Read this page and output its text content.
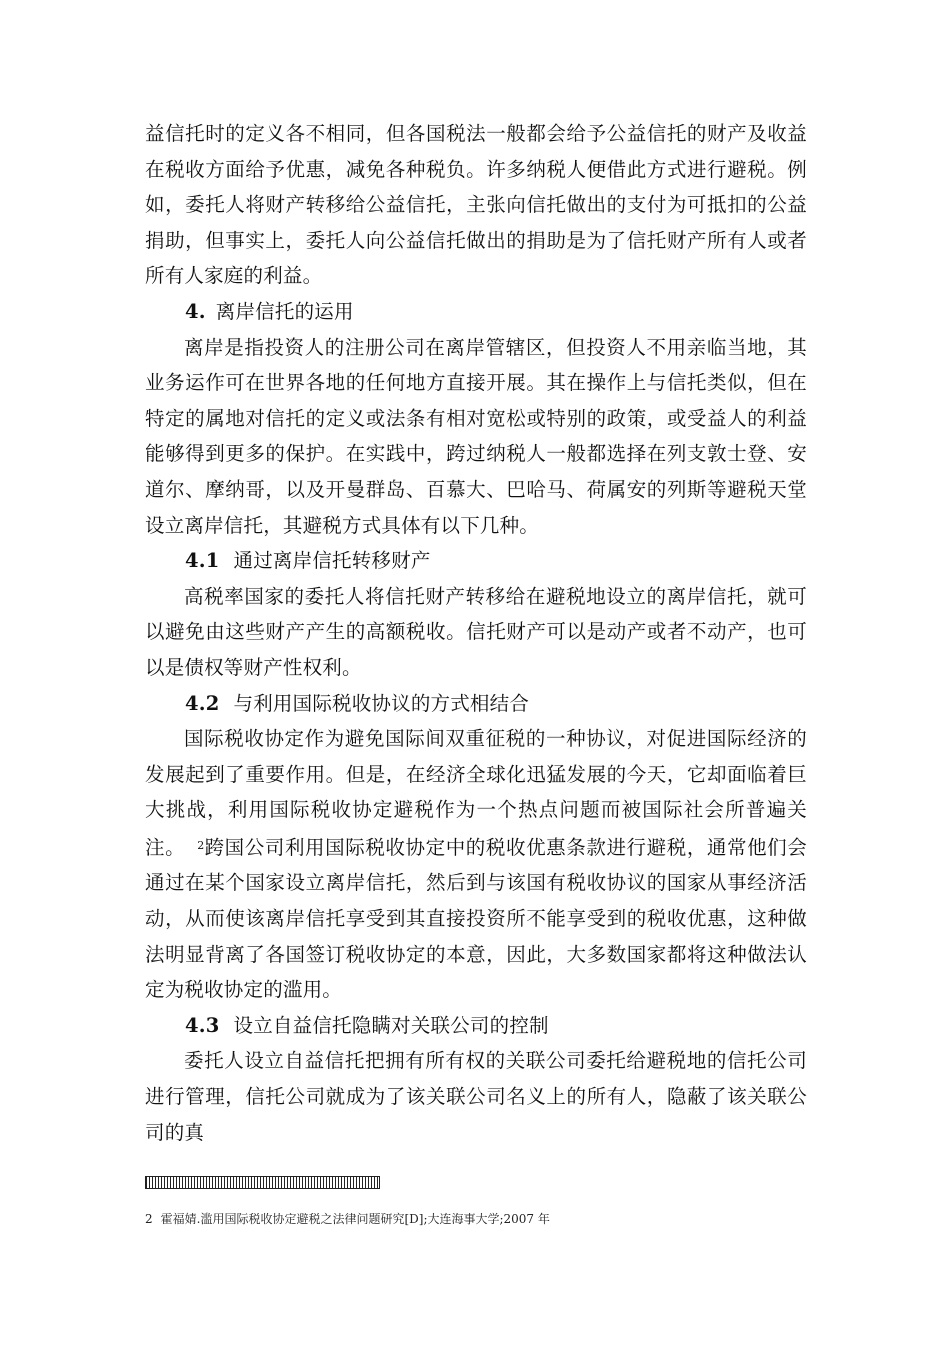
益信托时的定义各不相同，但各国税法一般都会给予公益信托的财产及收益在税收方面给予优惠，减免各种税负。许多纳税人便借此方式进行避税。例如，委托人将财产转移给公益信托，主张向信托做出的支付为可抵扣的公益捐助，但事实上，委托人向公益信托做出的捐助是为了信托财产所有人或者所有人家庭的利益。

4. 离岸信托的运用

离岸是指投资人的注册公司在离岸管辖区，但投资人不用亲临当地，其业务运作可在世界各地的任何地方直接开展。其在操作上与信托类似，但在特定的属地对信托的定义或法条有相对宽松或特别的政策，或受益人的利益能够得到更多的保护。在实践中，跨过纳税人一般都选择在列支敦士登、安道尔、摩纳哥，以及开曼群岛、百慕大、巴哈马、荷属安的列斯等避税天堂设立离岸信托，其避税方式具体有以下几种。

4.1 通过离岸信托转移财产

高税率国家的委托人将信托财产转移给在避税地设立的离岸信托，就可以避免由这些财产产生的高额税收。信托财产可以是动产或者不动产，也可以是债权等财产性权利。

4.2 与利用国际税收协议的方式相结合

国际税收协定作为避免国际间双重征税的一种协议，对促进国际经济的发展起到了重要作用。但是，在经济全球化迅猛发展的今天，它却面临着巨大挑战，利用国际税收协定避税作为一个热点问题而被国际社会所普遍关注。 $^2$跨国公司利用国际税收协定中的税收优惠条款进行避税，通常他们会通过在某个国家设立离岸信托，然后到与该国有税收协议的国家从事经济活动，从而使该离岸信托享受到其直接投资所不能享受到的税收优惠，这种做法明显背离了各国签订税收协定的本意，因此，大多数国家都将这种做法认定为税收协定的滥用。

4.3 设立自益信托隐瞒对关联公司的控制

委托人设立自益信托把拥有所有权的关联公司委托给避税地的信托公司进行管理，信托公司就成为了该关联公司名义上的所有人，隐蔽了该关联公司的真

2 霍福婧.滥用国际税收协定避税之法律问题研究[D];大连海事大学;2007 年
